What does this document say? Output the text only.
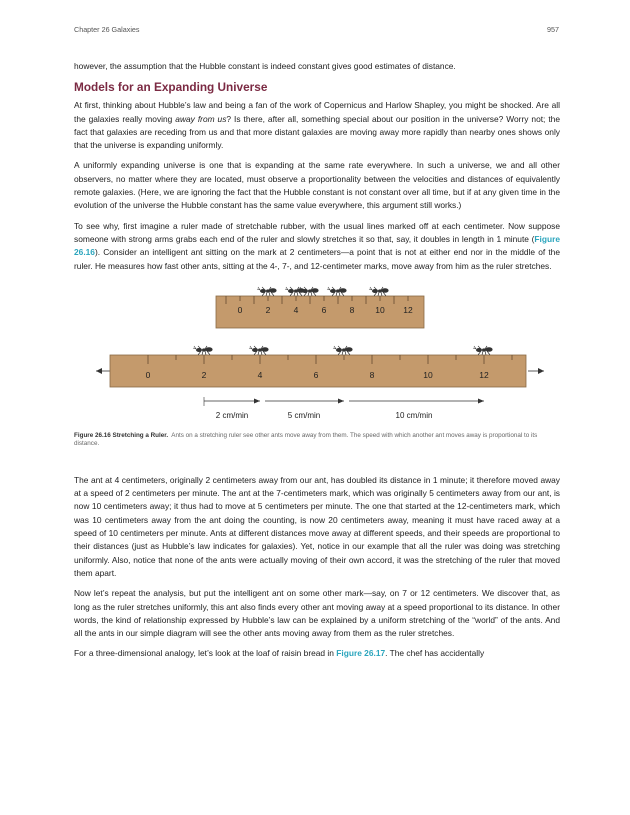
Chapter 26 Galaxies	957

however, the assumption that the Hubble constant is indeed constant gives good estimates of distance.

Models for an Expanding Universe

At first, thinking about Hubble’s law and being a fan of the work of Copernicus and Harlow Shapley, you might be shocked. Are all the galaxies really moving away from us? Is there, after all, something special about our position in the universe? Worry not; the fact that galaxies are receding from us and that more distant galaxies are moving away more rapidly than nearby ones shows only that the universe is expanding uniformly.

A uniformly expanding universe is one that is expanding at the same rate everywhere. In such a universe, we and all other observers, no matter where they are located, must observe a proportionality between the velocities and distances of equivalently remote galaxies. (Here, we are ignoring the fact that the Hubble constant is not constant over all time, but if at any given time in the evolution of the universe the Hubble constant has the same value everywhere, this argument still works.)

To see why, first imagine a ruler made of stretchable rubber, with the usual lines marked off at each centimeter. Now suppose someone with strong arms grabs each end of the ruler and slowly stretches it so that, say, it doubles in length in 1 minute (Figure 26.16). Consider an intelligent ant sitting on the mark at 2 centimeters—a point that is not at either end nor in the middle of the ruler. He measures how fast other ants, sitting at the 4-, 7-, and 12-centimeter marks, move away from him as the ruler stretches.

0	2	4	6	8 10 12
0	2	4	6	8	10	12
2 cm/min	5 cm/min	10 cm/min
Figure 26.16 Stretching a Ruler. Ants on a stretching ruler see other ants move away from them. The speed with which another ant moves away is proportional to its distance.

The ant at 4 centimeters, originally 2 centimeters away from our ant, has doubled its distance in 1 minute; it therefore moved away at a speed of 2 centimeters per minute. The ant at the 7-centimeters mark, which was originally 5 centimeters away from our ant, is now 10 centimeters away; it thus had to move at 5 centimeters per minute. The one that started at the 12-centimeters mark, which was 10 centimeters away from the ant doing the counting, is now 20 centimeters away, meaning it must have raced away at a speed of 10 centimeters per minute. Ants at different distances move away at different speeds, and their speeds are proportional to their distances (just as Hubble’s law indicates for galaxies). Yet, notice in our example that all the ruler was doing was stretching uniformly. Also, notice that none of the ants were actually moving of their own accord, it was the stretching of the ruler that moved them apart.

Now let’s repeat the analysis, but put the intelligent ant on some other mark—say, on 7 or 12 centimeters. We discover that, as long as the ruler stretches uniformly, this ant also finds every other ant moving away at a speed proportional to its distance. In other words, the kind of relationship expressed by Hubble’s law can be explained by a uniform stretching of the “world” of the ants. And all the ants in our simple diagram will see the other ants moving away from them as the ruler stretches.

For a three-dimensional analogy, let’s look at the loaf of raisin bread in Figure 26.17. The chef has accidentally
